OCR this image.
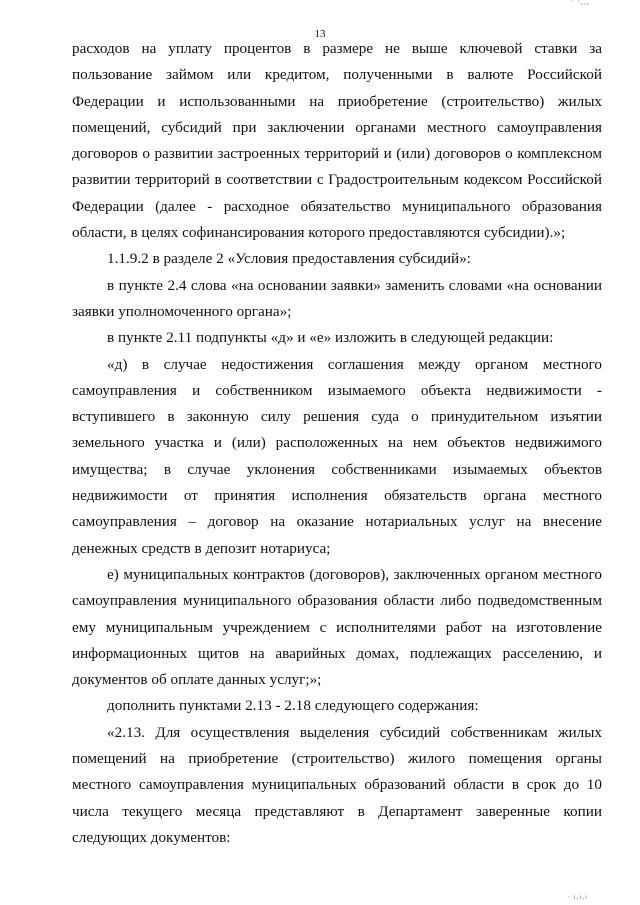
· ·,,,
13

расходов на уплату процентов в размере не выше ключевой ставки за пользование займом или кредитом, полученными в валюте Российской Федерации и использованными на приобретение (строительство) жилых помещений, субсидий при заключении органами местного самоуправления договоров о развитии застроенных территорий и (или) договоров о комплексном развитии территорий в соответствии с Градостроительным кодексом Российской Федерации (далее - расходное обязательство муниципального образования области, в целях софинансирования которого предоставляются субсидии).»;

1.1.9.2 в разделе 2 «Условия предоставления субсидий»:

в пункте 2.4 слова «на основании заявки» заменить словами «на основании заявки уполномоченного органа»;

в пункте 2.11 подпункты «д» и «е» изложить в следующей редакции:

«д) в случае недостижения соглашения между органом местного самоуправления и собственником изымаемого объекта недвижимости - вступившего в законную силу решения суда о принудительном изъятии земельного участка и (или) расположенных на нем объектов недвижимого имущества; в случае уклонения собственниками изымаемых объектов недвижимости от принятия исполнения обязательств органа местного самоуправления – договор на оказание нотариальных услуг на внесение денежных средств в депозит нотариуса;

е) муниципальных контрактов (договоров), заключенных органом местного самоуправления муниципального образования области либо подведомственным ему муниципальным учреждением с исполнителями работ на изготовление информационных щитов на аварийных домах, подлежащих расселению, и документов об оплате данных услуг;»;

дополнить пунктами 2.13 - 2.18 следующего содержания:

«2.13. Для осуществления выделения субсидий собственникам жилых помещений на приобретение (строительство) жилого помещения органы местного самоуправления муниципальных образований области в срок до 10 числа текущего месяца представляют в Департамент заверенные копии следующих документов:

· ı,ı,ı
